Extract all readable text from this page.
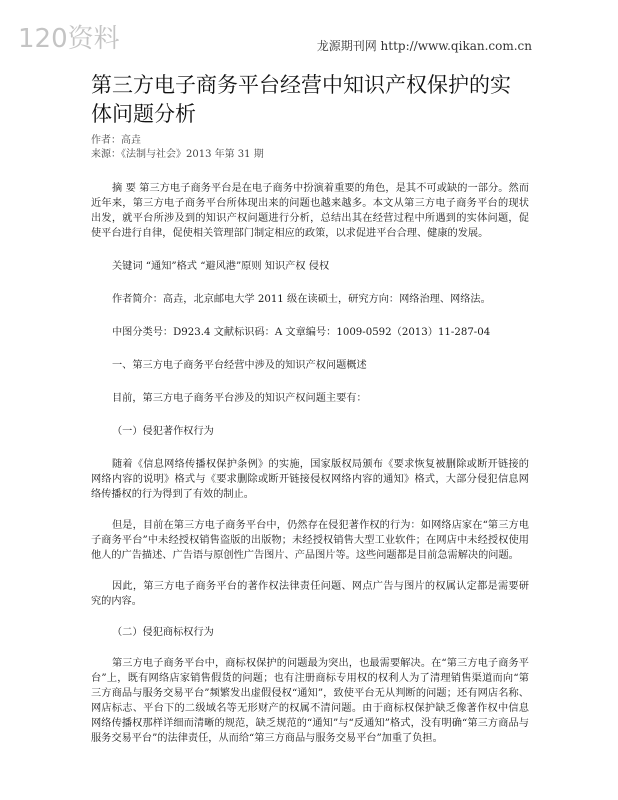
120资料	龙源期刊网 http://www.qikan.com.cn
第三方电子商务平台经营中知识产权保护的实体问题分析
作者：高垚
来源：《法制与社会》2013 年第 31 期

摘 要 第三方电子商务平台是在电子商务中扮演着重要的角色，是其不可或缺的一部分。然而近年来，第三方电子商务平台所体现出来的问题也越来越多。本文从第三方电子商务平台的现状出发，就平台所涉及到的知识产权问题进行分析，总结出其在经营过程中所遇到的实体问题，促使平台进行自律，促使相关管理部门制定相应的政策，以求促进平台合理、健康的发展。

关键词 “通知”格式 “避风港”原则 知识产权 侵权

作者简介：高垚，北京邮电大学 2011 级在读硕士，研究方向：网络治理、网络法。

中图分类号：D923.4 文献标识码：A 文章编号：1009-0592（2013）11-287-04

一、第三方电子商务平台经营中涉及的知识产权问题概述

目前，第三方电子商务平台涉及的知识产权问题主要有：

（一）侵犯著作权行为

随着《信息网络传播权保护条例》的实施，国家版权局颁布《要求恢复被删除或断开链接的网络内容的说明》格式与《要求删除或断开链接侵权网络内容的通知》格式，大部分侵犯信息网络传播权的行为得到了有效的制止。

但是，目前在第三方电子商务平台中，仍然存在侵犯著作权的行为：如网络店家在“第三方电子商务平台”中未经授权销售盗版的出版物；未经授权销售大型工业软件；在网店中未经授权使用他人的广告描述、广告语与原创性广告图片、产品图片等。这些问题都是目前急需解决的问题。

因此，第三方电子商务平台的著作权法律责任问题、网点广告与图片的权属认定都是需要研究的内容。

（二）侵犯商标权行为

第三方电子商务平台中，商标权保护的问题最为突出，也最需要解决。在“第三方电子商务平台”上，既有网络店家销售假货的问题；也有注册商标专用权的权利人为了清理销售渠道而向“第三方商品与服务交易平台”频繁发出虚假侵权“通知”，致使平台无从判断的问题；还有网店名称、网店标志、平台下的二级域名等无形财产的权属不清问题。由于商标权保护缺乏像著作权中信息网络传播权那样详细而清晰的规范，缺乏规范的“通知”与“反通知”格式，没有明确“第三方商品与服务交易平台”的法律责任，从而给“第三方商品与服务交易平台”加重了负担。
